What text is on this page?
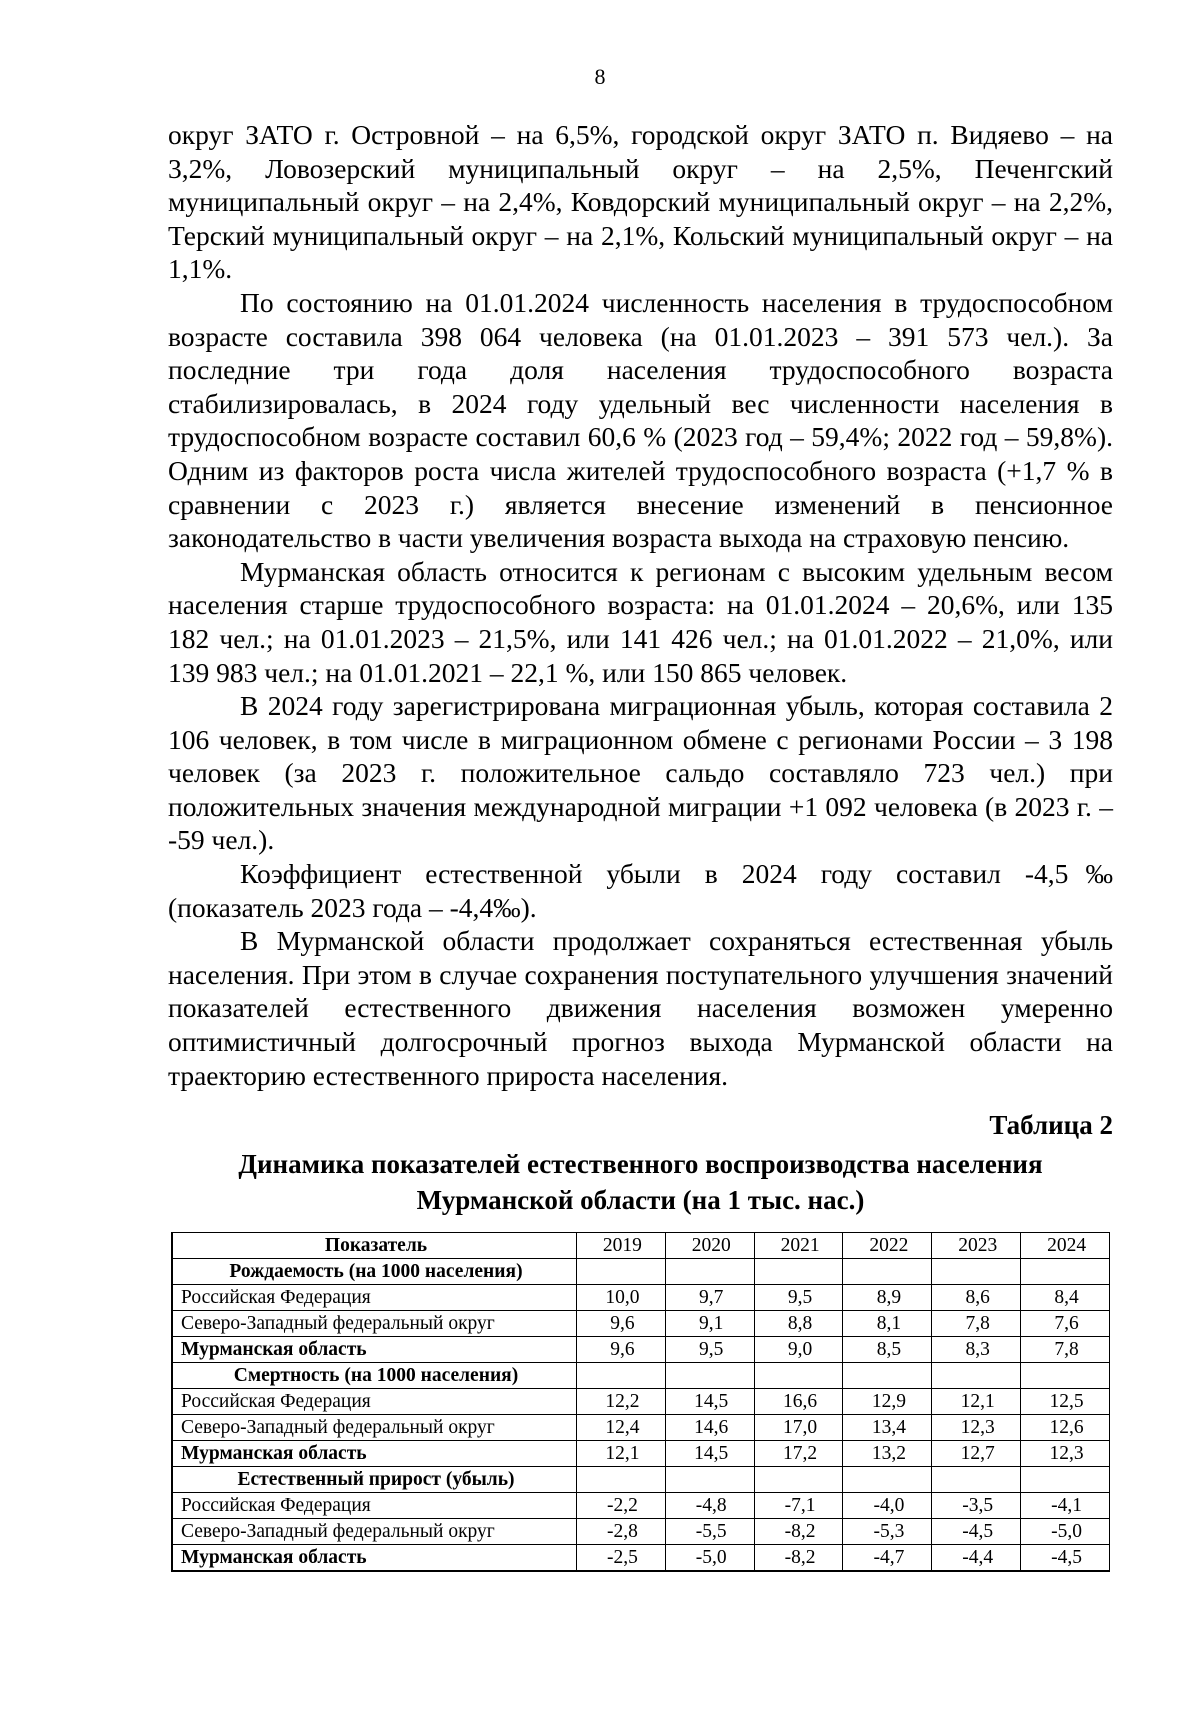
8

округ ЗАТО г. Островной – на 6,5%, городской округ ЗАТО п. Видяево – на 3,2%, Ловозерский муниципальный округ – на 2,5%, Печенгский муниципальный округ – на 2,4%, Ковдорский муниципальный округ – на 2,2%, Терский муниципальный округ – на 2,1%, Кольский муниципальный округ – на 1,1%.

По состоянию на 01.01.2024 численность населения в трудоспособном возрасте составила 398 064 человека (на 01.01.2023 – 391 573 чел.). За последние три года доля населения трудоспособного возраста стабилизировалась, в 2024 году удельный вес численности населения в трудоспособном возрасте составил 60,6 % (2023 год – 59,4%; 2022 год – 59,8%). Одним из факторов роста числа жителей трудоспособного возраста (+1,7 % в сравнении с 2023 г.) является внесение изменений в пенсионное законодательство в части увеличения возраста выхода на страховую пенсию.

Мурманская область относится к регионам с высоким удельным весом населения старше трудоспособного возраста: на 01.01.2024 – 20,6%, или 135 182 чел.; на 01.01.2023 – 21,5%, или 141 426 чел.; на 01.01.2022 – 21,0%, или 139 983 чел.; на 01.01.2021 – 22,1 %, или 150 865 человек.

В 2024 году зарегистрирована миграционная убыль, которая составила 2 106 человек, в том числе в миграционном обмене с регионами России – 3 198 человек (за 2023 г. положительное сальдо составляло 723 чел.) при положительных значения международной миграции +1 092 человека (в 2023 г. – -59 чел.).

Коэффициент естественной убыли в 2024 году составил -4,5‰ (показатель 2023 года – -4,4‰).

В Мурманской области продолжает сохраняться естественная убыль населения. При этом в случае сохранения поступательного улучшения значений показателей естественного движения населения возможен умеренно оптимистичный долгосрочный прогноз выхода Мурманской области на траекторию естественного прироста населения.

Таблица 2
Динамика показателей естественного воспроизводства населения
Мурманской области (на 1 тыс. нас.)
Показатель	2019	2020	2021	2022	2023	2024
Рождаемость (на 1000 населения)						
Российская Федерация	10,0	9,7	9,5	8,9	8,6	8,4
Северо-Западный федеральный округ	9,6	9,1	8,8	8,1	7,8	7,6
Мурманская область	9,6	9,5	9,0	8,5	8,3	7,8
Смертность (на 1000 населения)						
Российская Федерация	12,2	14,5	16,6	12,9	12,1	12,5
Северо-Западный федеральный округ	12,4	14,6	17,0	13,4	12,3	12,6
Мурманская область	12,1	14,5	17,2	13,2	12,7	12,3
Естественный прирост (убыль)						
Российская Федерация	-2,2	-4,8	-7,1	-4,0	-3,5	-4,1
Северо-Западный федеральный округ	-2,8	-5,5	-8,2	-5,3	-4,5	-5,0
Мурманская область	-2,5	-5,0	-8,2	-4,7	-4,4	-4,5
